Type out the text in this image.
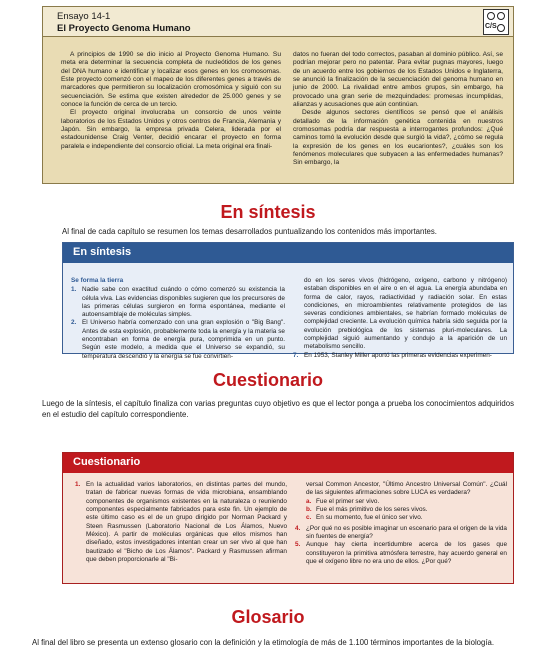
Ensayo 14-1
El Proyecto Genoma Humano	C/S

A principios de 1990 se dio inicio al Proyecto Genoma Humano. Su meta era determinar la secuencia completa de nucleótidos de los genes del DNA humano e identificar y localizar esos genes en los cromosomas. Este proyecto comenzó con el mapeo de los diferentes genes a través de marcadores que permitieron su localización cromosómica y siguió con su secuenciación. Se estima que existen alrededor de 25.000 genes y se conoce la función de cerca de un tercio.

El proyecto original involucraba un consorcio de unos veinte laboratorios de los Estados Unidos y otros centros de Francia, Alemania y Japón. Sin embargo, la empresa privada Celera, liderada por el estadounidense Craig Venter, decidió encarar el proyecto en forma paralela e independiente del consorcio oficial. La meta original era finali-

datos no fueran del todo correctos, pasaban al dominio público. Así, se podrían mejorar pero no patentar. Para evitar pugnas mayores, luego de un acuerdo entre los gobiernos de los Estados Unidos e Inglaterra, se anunció la finalización de la secuenciación del genoma humano en junio de 2000. La rivalidad entre ambos grupos, sin embargo, ha provocado una gran serie de mezquindades: promesas incumplidas, alianzas y acusaciones que aún continúan.

Desde algunos sectores científicos se pensó que el análisis detallado de la información genética contenida en nuestros cromosomas podría dar respuesta a interrogantes profundos: ¿Qué caminos tomó la evolución desde que surgió la vida?, ¿cómo se regula la expresión de los genes en los eucariontes?, ¿cuáles son los fenómenos moleculares que subyacen a las enfermedades humanas? Sin embargo, la

En síntesis
Al final de cada capítulo se resumen los temas desarrollados puntualizando los contenidos más importantes.
En síntesis
Se forma la tierra
1. Nadie sabe con exactitud cuándo o cómo comenzó su existencia la célula viva. Las evidencias disponibles sugieren que los precursores de las primeras células surgieron en forma espontánea, mediante el autoensamblaje de moléculas simples.
2. El Universo habría comenzado con una gran explosión o "Big Bang". Antes de esta explosión, probablemente toda la energía y la materia se encontraban en forma de energía pura, comprimida en un punto. Según este modelo, a medida que el Universo se expandió, su temperatura descendió y la energía se fue convirtien-
do en los seres vivos (hidrógeno, oxígeno, carbono y nitrógeno) estaban disponibles en el aire o en el agua. La energía abundaba en forma de calor, rayos, radiactividad y radiación solar. En estas condiciones, en microambientes relativamente protegidos de las severas condiciones ambientales, se habrían formado moléculas de complejidad creciente. La evolución química habría sido seguida por la evolución prebiológica de los sistemas pluri-moleculares. La complejidad siguió aumentando y condujo a la aparición de un metabolismo sencillo.
7. En 1953, Stanley Miller aportó las primeras evidencias experimen-
Cuestionario
Luego de la síntesis, el capítulo finaliza con varias preguntas cuyo objetivo es que el lector ponga a prueba los conocimientos adquiridos en el estudio del capítulo correspondiente.
Cuestionario
1. En la actualidad varios laboratorios, en distintas partes del mundo, tratan de fabricar nuevas formas de vida microbiana, ensamblando componentes de organismos existentes en la naturaleza o reuniendo componentes especialmente fabricados para este fin. Un ejemplo de este último caso es el de un grupo dirigido por Norman Packard y Steen Rasmussen (Laboratorio Nacional de Los Álamos, Nuevo México). A partir de moléculas orgánicas que ellos mismos han diseñado, estos investigadores intentan crear un ser vivo al que han bautizado el "Bicho de Los Álamos". Packard y Rasmussen afirman que deben proporcionarle al "Bi-
versal Common Ancestor, "Último Ancestro Universal Común". ¿Cuál de las siguientes afirmaciones sobre LUCA es verdadera?
a. Fue el primer ser vivo.
b. Fue el más primitivo de los seres vivos.
c. En su momento, fue el único ser vivo.
4. ¿Por qué no es posible imaginar un escenario para el origen de la vida sin fuentes de energía?
5. Aunque hay cierta incertidumbre acerca de los gases que constituyeron la primitiva atmósfera terrestre, hay acuerdo general en que el oxígeno libre no era uno de ellos. ¿Por qué?
Glosario
Al final del libro se presenta un extenso glosario con la definición y la etimología de más de 1.100 términos importantes de la biología.
